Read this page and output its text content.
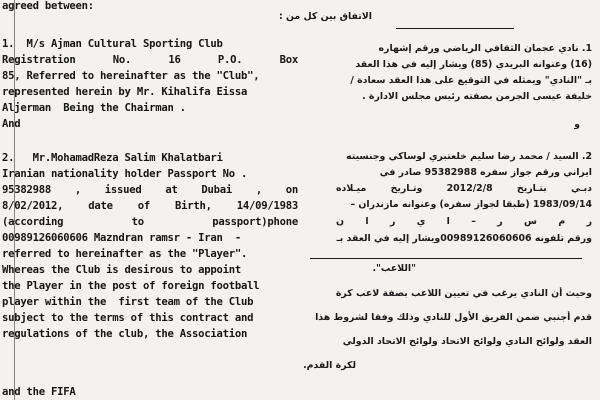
agreed between:
1.  M/s Ajman Cultural Sporting Club
Registration No. 16 P.O. Box
85, Referred to hereinafter as the "Club",
represented herein by Mr. Kihalifa Eissa
Aljerman  Being the Chairman .
And
2.   Mr.MohamadReza Salim Khalatbari
Iranian nationality holder Passport No .
95382988 , issued at Dubai , on
8/02/2012, date of Birth, 14/09/1983
(according to passport)phone
00989126060606 Mazndran ramsr - Iran  -
referred to hereinafter as the "Player".
Whereas the Club is desirous to appoint
the Player in the post of foreign football
player within the  first team of the Club
subject to the terms of this contract and
regulations of the club, the Association
and the FIFA
الاتفاق بين كل من :
1. نادي عجمان الثقافي الرياضي ورقم إشهاره
(16) وعنوانه البريدي (85) ويشار إليه في هذا العقد
بـ "النادي" ويمثله في التوقيع على هذا العقد سعادة /
خليفة عيسى الجرمن بصفته رئيس مجلس الادارة .
و
2. السيد / محمد رضا سليم خلعتبري لوساكي وجنسيته
ايراني ورقم جواز سفره 95382988 صادر في
دبـي بتـاريخ 2012/2/8 وتـاريخ ميـلاده
1983/09/14 (طبقا لجواز سفره) وعنوانه مازندران –
ر م س ر – ا ي ر ا ن
ورقم تلفونه 00989126060606ويشار إليه في العقد بـ
"اللاعب".
وحيث أن النادي يرغب في تعيين اللاعب بصفة لاعب كرة
قدم أجنبي ضمن الفريق الأول للنادي وذلك وفقا لشروط هذا
العقد ولوائح النادي ولوائح الاتحاد ولوائح الاتحاد الدولي
لكرة القدم.
